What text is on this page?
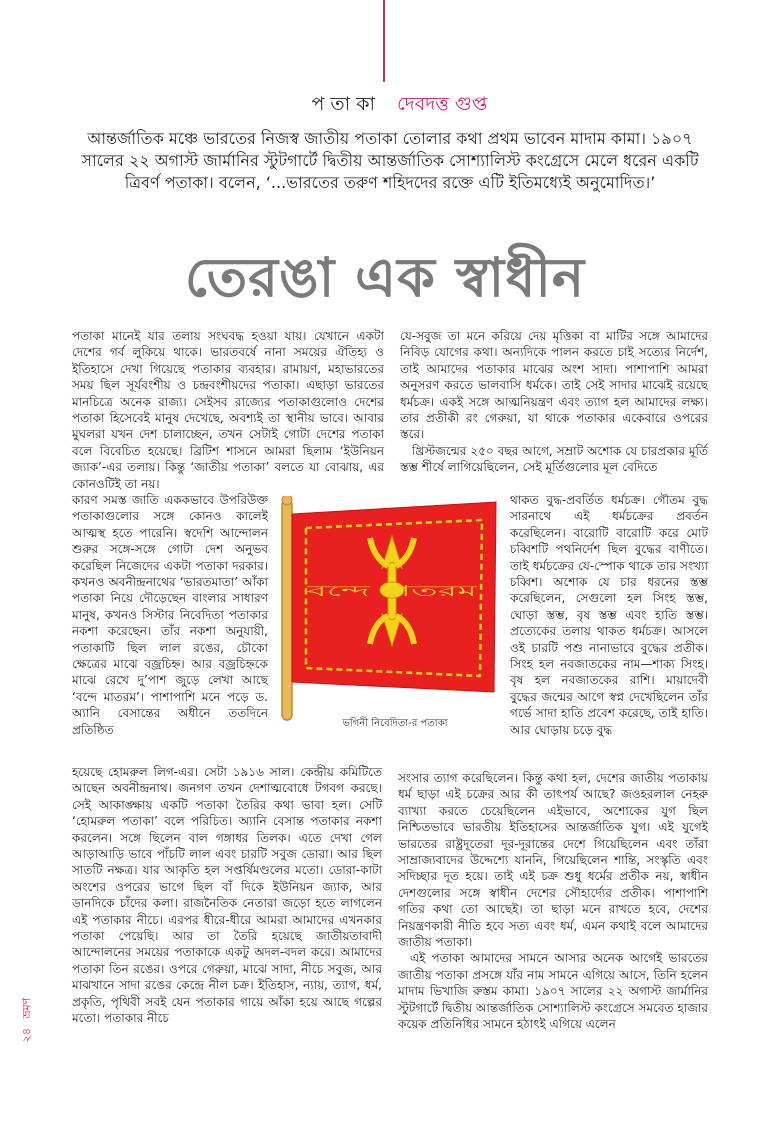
প তা কা দেবদত্ত গুপ্ত
আন্তর্জাতিক মঞ্চে ভারতের নিজস্ব জাতীয় পতাকা তোলার কথা প্রথম ভাবেন মাদাম কামা। ১৯০৭ সালের ২২ অগাস্ট জার্মানির স্টুটগার্টে দ্বিতীয় আন্তর্জাতিক সোশ্যালিস্ট কংগ্রেসে মেলে ধরেন একটি ত্রিবর্ণ পতাকা। বলেন, ‘...ভারতের তরুণ শহিদদের রক্তে এটি ইতিমধ্যেই অনুমোদিত।’
তেরঙা এক স্বাধীন

পতাকা মানেই যার তলায় সংঘবদ্ধ হওয়া যায়। যেখানে একটা দেশের গর্ব লুকিয়ে থাকে। ভারতবর্ষে নানা সময়ের ঐতিহ্য ও ইতিহাসে দেখা গিয়েছে পতাকার ব্যবহার। রামায়ণ, মহাভারতের সময় ছিল সূর্যবংশীয় ও চন্দ্রবংশীয়দের পতাকা। এছাড়া ভারতের মানচিত্রে অনেক রাজ্য। সেইসব রাজ্যের পতাকাগুলোও দেশের পতাকা হিসেবেই মানুষ দেখেছে, অবশ্যই তা স্থানীয় ভাবে। আবার মুঘলরা যখন দেশ চালাচ্ছেন, তখন সেটাই গোটা দেশের পতাকা বলে বিবেচিত হয়েছে। ব্রিটিশ শাসনে আমরা ছিলাম ‘ইউনিয়ন জ্যাক’-এর তলায়। কিন্তু ‘জাতীয় পতাকা’ বলতে যা বোঝায়, এর কোনওটিই তা নয়।

কারণ সমস্ত জাতি এককভাবে উপরিউক্ত পতাকাগুলোর সঙ্গে কোনও কালেই আত্মস্থ হতে পারেনি। স্বদেশি আন্দোলন শুরুর সঙ্গে-সঙ্গে গোটা দেশ অনুভব করেছিল নিজেদের একটা পতাকা দরকার। কখনও অবনীন্দ্রনাথের ‘ভারতমাতা’ আঁকা পতাকা নিয়ে দৌড়েছেন বাংলার সাধারণ মানুষ, কখনও সিস্টার নিবেদিতা পতাকার নকশা করেছেন। তাঁর নকশা অনুযায়ী, পতাকাটি ছিল লাল রঙের, চৌকো ক্ষেত্রের মাঝে বজ্রচিহ্ন। আর বজ্রচিহ্নকে মাঝে রেখে দু’পাশ জুড়ে লেখা আছে ‘বন্দে মাতরম’। পাশাপাশি মনে পড়ে ড. অ্যানি বেসান্তের অধীনে ততদিনে প্রতিষ্ঠিত

হয়েছে হোমরুল লিগ-এর। সেটা ১৯১৬ সাল। কেন্দ্রীয় কমিটিতে আছেন অবনীন্দ্রনাথ। জনগণ তখন দেশাত্মবোধে টগবগ করছে। সেই আকাঙ্ক্ষায় একটি পতাকা তৈরির কথা ভাবা হল। সেটি ‘হোমরুল পতাকা’ বলে পরিচিত। অ্যানি বেসান্ত পতাকার নকশা করলেন। সঙ্গে ছিলেন বাল গঙ্গাধর তিলক। এতে দেখা গেল আড়াআড়ি ভাবে পাঁচটি লাল এবং চারটি সবুজ ডোরা। আর ছিল সাতটি নক্ষত্র। যার আকৃতি হল সপ্তর্ষিমণ্ডলের মতো। ডোরা-কাটা অংশের ওপরের ভাগে ছিল বাঁ দিকে ইউনিয়ন জ্যাক, আর ডানদিকে চাঁদের কলা। রাজনৈতিক নেতারা জড়ো হতে লাগলেন এই পতাকার নীচে। এরপর ধীরে-ধীরে আমরা আমাদের এখনকার পতাকা পেয়েছি। আর তা তৈরি হয়েছে জাতীয়তাবাদী আন্দোলনের সময়ের পতাকাকে একটু অদল-বদল করে। আমাদের পতাকা তিন রঙের। ওপরে গেরুয়া, মাঝে সাদা, নীচে সবুজ, আর মাঝখানে সাদা রঙের কেন্দ্রে নীল চক্র। ইতিহাস, ন্যায়, ত্যাগ, ধর্ম, প্রকৃতি, পৃথিবী সবই যেন পতাকার গায়ে আঁকা হয়ে আছে গল্পের মতো। পতাকার নীচে

যে-সবুজ তা মনে করিয়ে দেয় মৃত্তিকা বা মাটির সঙ্গে আমাদের নিবিড় যোগের কথা। অন্যদিকে পালন করতে চাই সত্যের নির্দেশ, তাই আমাদের পতাকার মাঝের অংশ সাদা। পাশাপাশি আমরা অনুসরণ করতে ভালবাসি ধর্মকে। তাই সেই সাদার মাঝেই রয়েছে ধর্মচক্র। একই সঙ্গে আত্মনিয়ন্ত্রণ এবং ত্যাগ হল আমাদের লক্ষ্য। তার প্রতীকী রং গেরুয়া, যা থাকে পতাকার একেবারে ওপরের স্তরে।

খ্রিস্টজন্মের ২৫০ বছর আগে, সম্রাট অশোক যে চারপ্রকার মূর্তি স্তম্ভ শীর্ষে লাগিয়েছিলেন, সেই মূর্তিগুলোর মূল বেদিতে

থাকত বুদ্ধ-প্রবর্তিত ধর্মচক্র। গৌতম বুদ্ধ সারনাথে এই ধর্মচক্রের প্রবর্তন করেছিলেন। বারোটি বারোটি করে মোট চব্বিশটি পথনির্দেশ ছিল বুদ্ধের বাণীতে। তাই ধর্মচক্রের যে-স্পোক থাকে তার সংখ্যা চব্বিশ। অশোক যে চার ধরনের স্তম্ভ করেছিলেন, সেগুলো হল সিংহ স্তম্ভ, ঘোড়া স্তম্ভ, বৃষ স্তম্ভ এবং হাতি স্তম্ভ। প্রত্যেকের তলায় থাকত ধর্মচক্র। আসলে ওই চারটি পশু নানাভাবে বুদ্ধের প্রতীক। সিংহ হল নবজাতকের নাম—শাক্য সিংহ। বৃষ হল নবজাতকের রাশি। মায়াদেবী বুদ্ধের জন্মের আগে স্বপ্ন দেখেছিলেন তাঁর গর্ভে সাদা হাতি প্রবেশ করেছে, তাই হাতি। আর ঘোড়ায় চড়ে বুদ্ধ

সংসার ত্যাগ করেছিলেন। কিন্তু কথা হল, দেশের জাতীয় পতাকায় ধর্ম ছাড়া এই চক্রের আর কী তাৎপর্য আছে? জওহরলাল নেহরু ব্যাখ্যা করতে চেয়েছিলেন এইভাবে, অশোকের যুগ ছিল নিশ্চিতভাবে ভারতীয় ইতিহাসের আন্তর্জাতিক যুগ। এই যুগেই ভারতের রাষ্ট্রদূতেরা দূর-দূরান্তের দেশে গিয়েছিলেন এবং তাঁরা সাম্রাজ্যবাদের উদ্দেশ্যে যাননি, গিয়েছিলেন শান্তি, সংস্কৃতি এবং সদিচ্ছার দূত হয়ে। তাই এই চক্র শুধু ধর্মের প্রতীক নয়, স্বাধীন দেশগুলোর সঙ্গে স্বাধীন দেশের সৌহার্দ্যের প্রতীক। পাশাপাশি গতির কথা তো আছেই। তা ছাড়া মনে রাখতে হবে, দেশের নিয়ন্ত্রণকারী নীতি হবে সত্য এবং ধর্ম, এমন কথাই বলে আমাদের জাতীয় পতাকা।

এই পতাকা আমাদের সামনে আসার অনেক আগেই ভারতের জাতীয় পতাকা প্রসঙ্গে যাঁর নাম সামনে এগিয়ে আসে, তিনি হলেন মাদাম ভিখাজি রুস্তম কামা। ১৯০৭ সালের ২২ অগাস্ট জার্মানির স্টুটগার্টে দ্বিতীয় আন্তর্জাতিক সোশ্যালিস্ট কংগ্রেসে সমবেত হাজার কয়েক প্রতিনিধির সামনে হঠাৎই এগিয়ে এলেন

বন্দে মাতরম
ভগিনী নিবেদিতা-র পতাকা
২৪ ভ্রমণ
